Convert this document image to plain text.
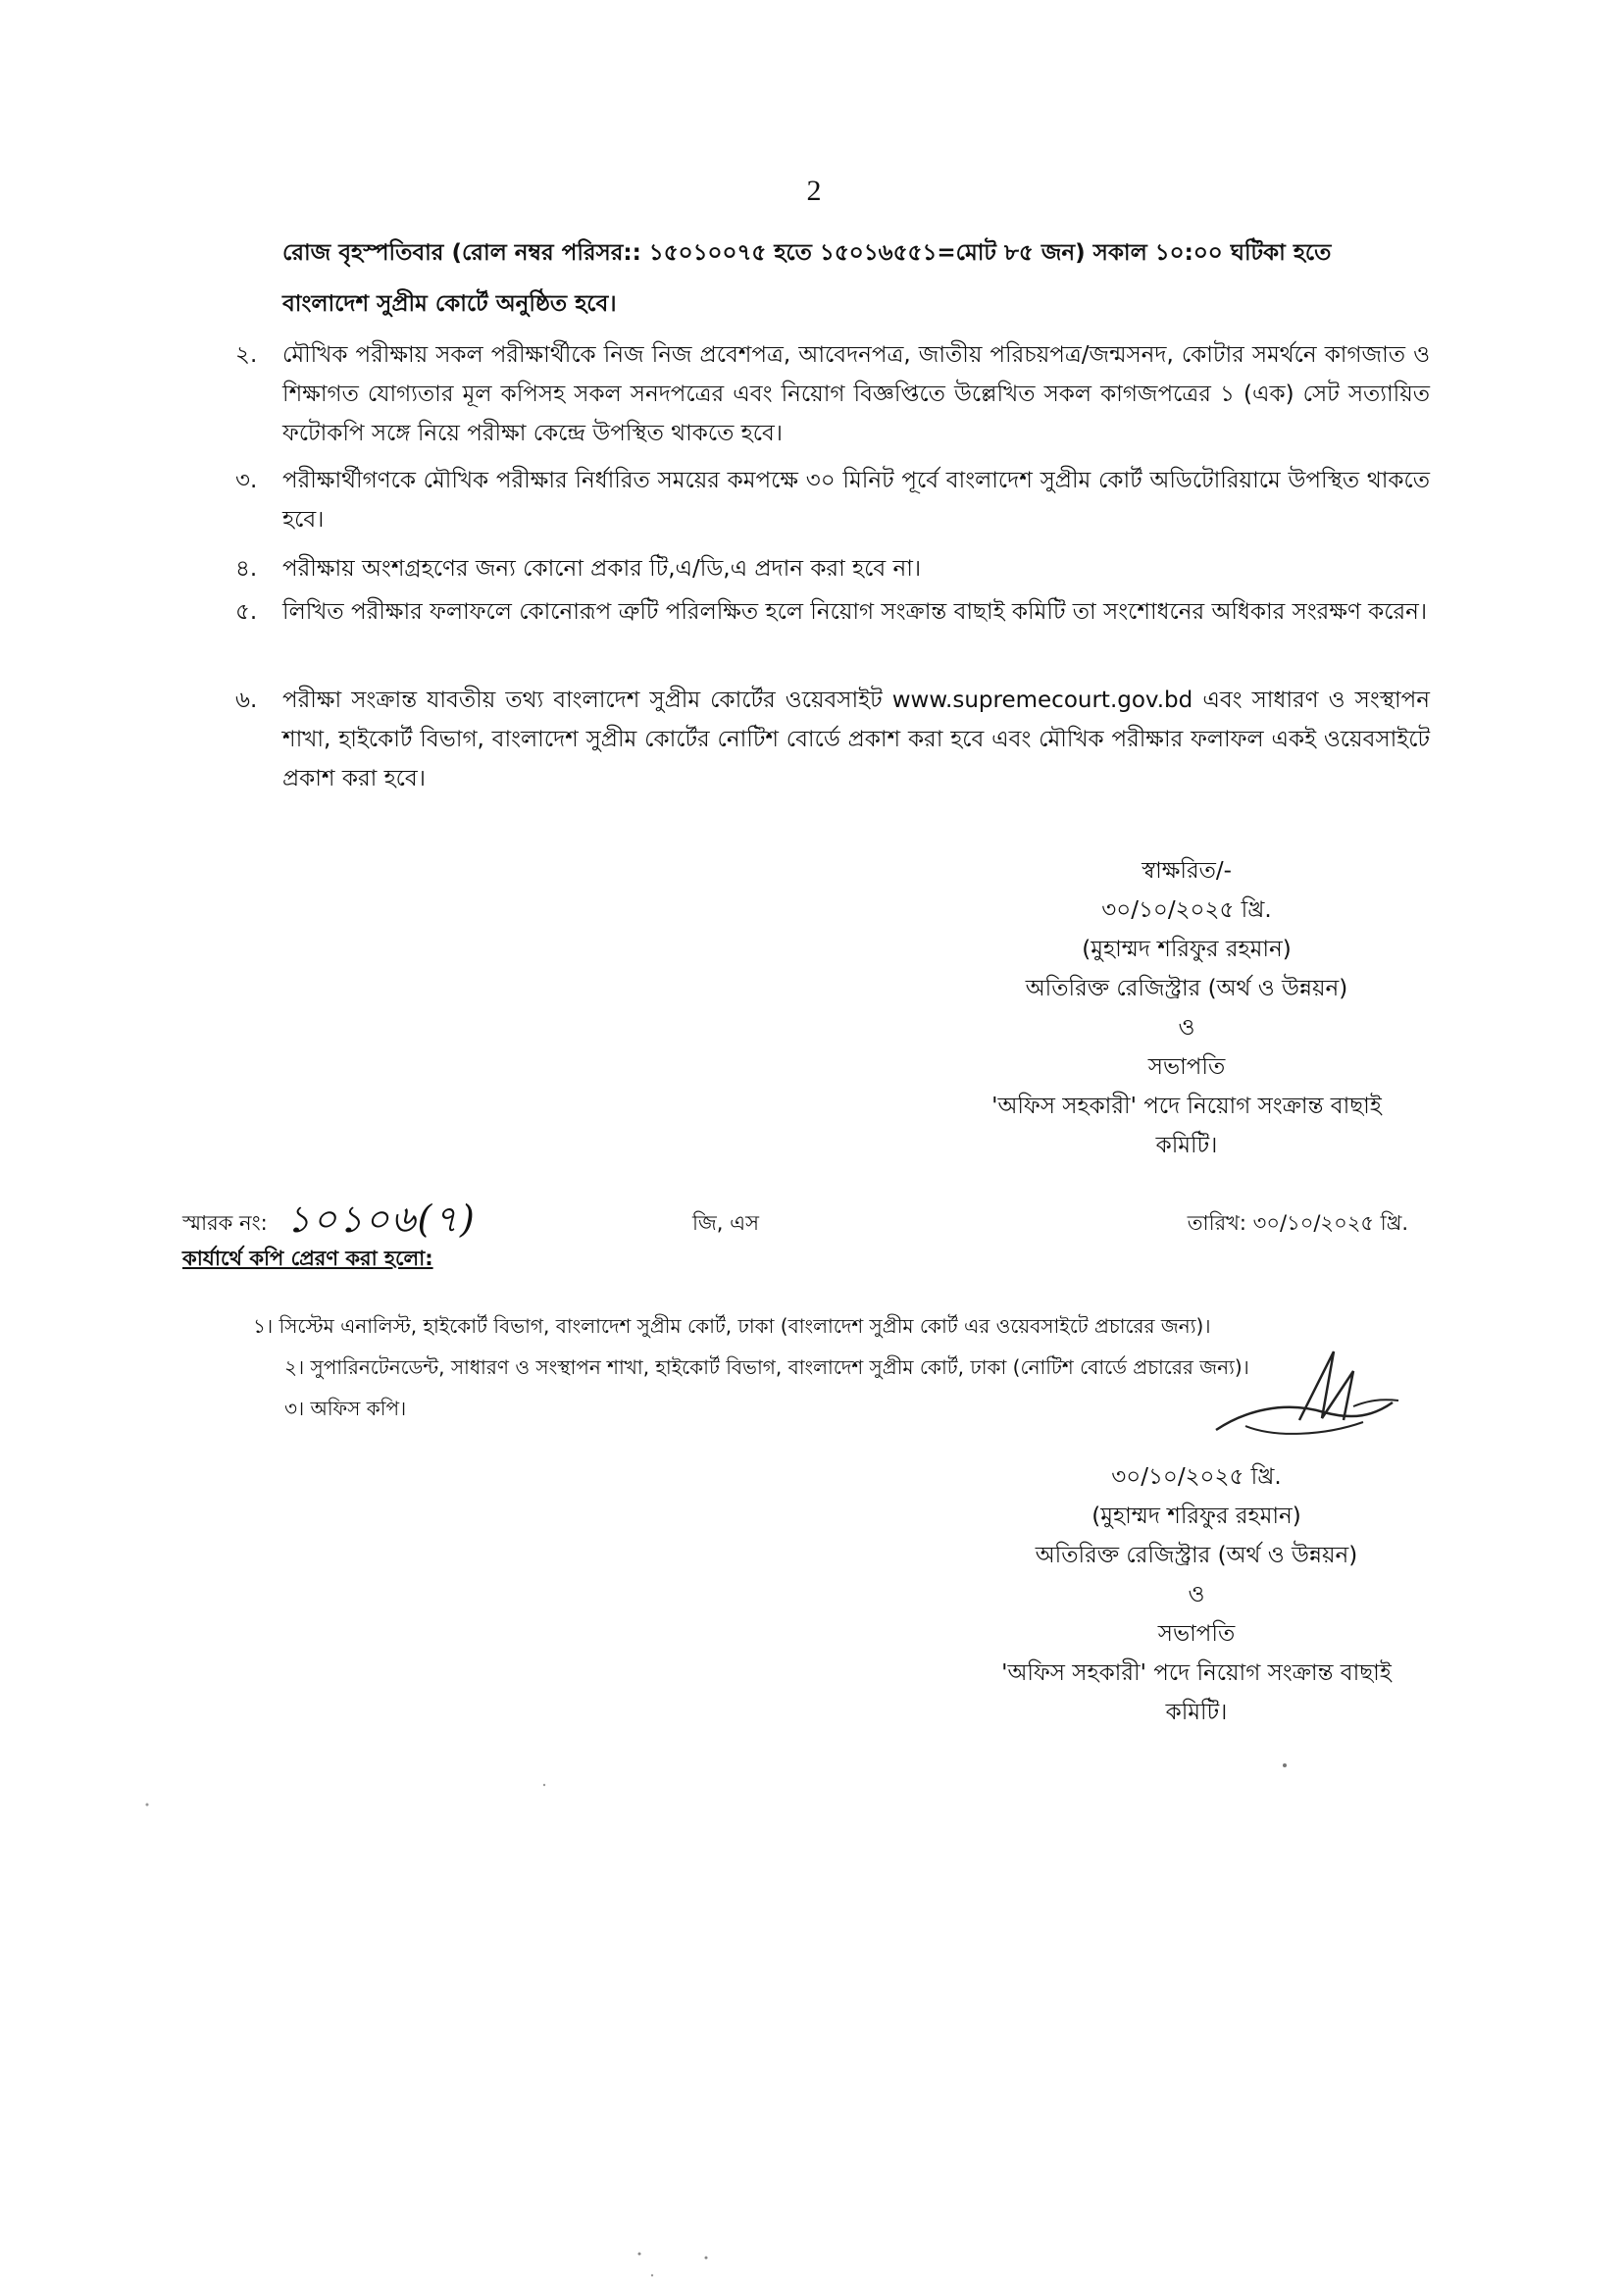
2
রোজ বৃহস্পতিবার (রোল নম্বর পরিসর:: ১৫০১০০৭৫ হতে ১৫০১৬৫৫১=মোট ৮৫ জন) সকাল ১০:০০ ঘটিকা হতে
বাংলাদেশ সুপ্রীম কোর্টে অনুষ্ঠিত হবে।
২. মৌখিক পরীক্ষায় সকল পরীক্ষার্থীকে নিজ নিজ প্রবেশপত্র, আবেদনপত্র, জাতীয় পরিচয়পত্র/জন্মসনদ, কোটার সমর্থনে কাগজাত ও শিক্ষাগত যোগ্যতার মূল কপিসহ সকল সনদপত্রের এবং নিয়োগ বিজ্ঞপ্তিতে উল্লেখিত সকল কাগজপত্রের ১ (এক) সেট সত্যায়িত ফটোকপি সঙ্গে নিয়ে পরীক্ষা কেন্দ্রে উপস্থিত থাকতে হবে।
৩. পরীক্ষার্থীগণকে মৌখিক পরীক্ষার নির্ধারিত সময়ের কমপক্ষে ৩০ মিনিট পূর্বে বাংলাদেশ সুপ্রীম কোর্ট অডিটোরিয়ামে উপস্থিত থাকতে হবে।
৪. পরীক্ষায় অংশগ্রহণের জন্য কোনো প্রকার টি,এ/ডি,এ প্রদান করা হবে না।
৫. লিখিত পরীক্ষার ফলাফলে কোনোরূপ ত্রুটি পরিলক্ষিত হলে নিয়োগ সংক্রান্ত বাছাই কমিটি তা সংশোধনের অধিকার সংরক্ষণ করেন।
৬. পরীক্ষা সংক্রান্ত যাবতীয় তথ্য বাংলাদেশ সুপ্রীম কোর্টের ওয়েবসাইট www.supremecourt.gov.bd এবং সাধারণ ও সংস্থাপন শাখা, হাইকোর্ট বিভাগ, বাংলাদেশ সুপ্রীম কোর্টের নোটিশ বোর্ডে প্রকাশ করা হবে এবং মৌখিক পরীক্ষার ফলাফল একই ওয়েবসাইটে প্রকাশ করা হবে।
স্বাক্ষরিত/-
৩০/১০/২০২৫ খ্রি.
(মুহাম্মদ শরিফুর রহমান)
অতিরিক্ত রেজিস্ট্রার (অর্থ ও উন্নয়ন)
ও
সভাপতি
'অফিস সহকারী' পদে নিয়োগ সংক্রান্ত বাছাই
কমিটি।
স্মারক নং: ১০১০৬(৭)	জি, এস	তারিখ: ৩০/১০/২০২৫ খ্রি.
কার্যার্থে কপি প্রেরণ করা হলো:
১। সিস্টেম এনালিস্ট, হাইকোর্ট বিভাগ, বাংলাদেশ সুপ্রীম কোর্ট, ঢাকা (বাংলাদেশ সুপ্রীম কোর্ট এর ওয়েবসাইটে প্রচারের জন্য)।
২। সুপারিনটেনডেন্ট, সাধারণ ও সংস্থাপন শাখা, হাইকোর্ট বিভাগ, বাংলাদেশ সুপ্রীম কোর্ট, ঢাকা (নোটিশ বোর্ডে প্রচারের জন্য)।
৩। অফিস কপি।
৩০/১০/২০২৫ খ্রি.
(মুহাম্মদ শরিফুর রহমান)
অতিরিক্ত রেজিস্ট্রার (অর্থ ও উন্নয়ন)
ও
সভাপতি
'অফিস সহকারী' পদে নিয়োগ সংক্রান্ত বাছাই
কমিটি।
